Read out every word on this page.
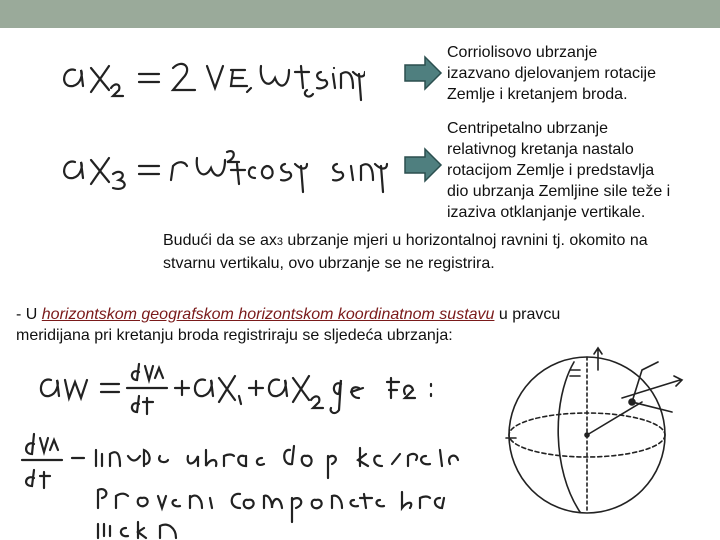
Corriolisovo ubrzanje
izazvano djelovanjem rotacije
Zemlje i kretanjem broda.
Centripetalno ubrzanje
relativnog kretanja nastalo
rotacijom Zemlje i predstavlja
dio ubrzanja Zemljine sile teže i
izaziva otklanjanje vertikale.
Budući da se ax3 ubrzanje mjeri u horizontalnoj ravnini tj. okomito na
stvarnu vertikalu, ovo ubrzanje se ne registrira.
- U horizontskom geografskom horizontskom koordinatnom sustavu u pravcu
meridijana pri kretanju broda registriraju se sljedeća ubrzanja:
